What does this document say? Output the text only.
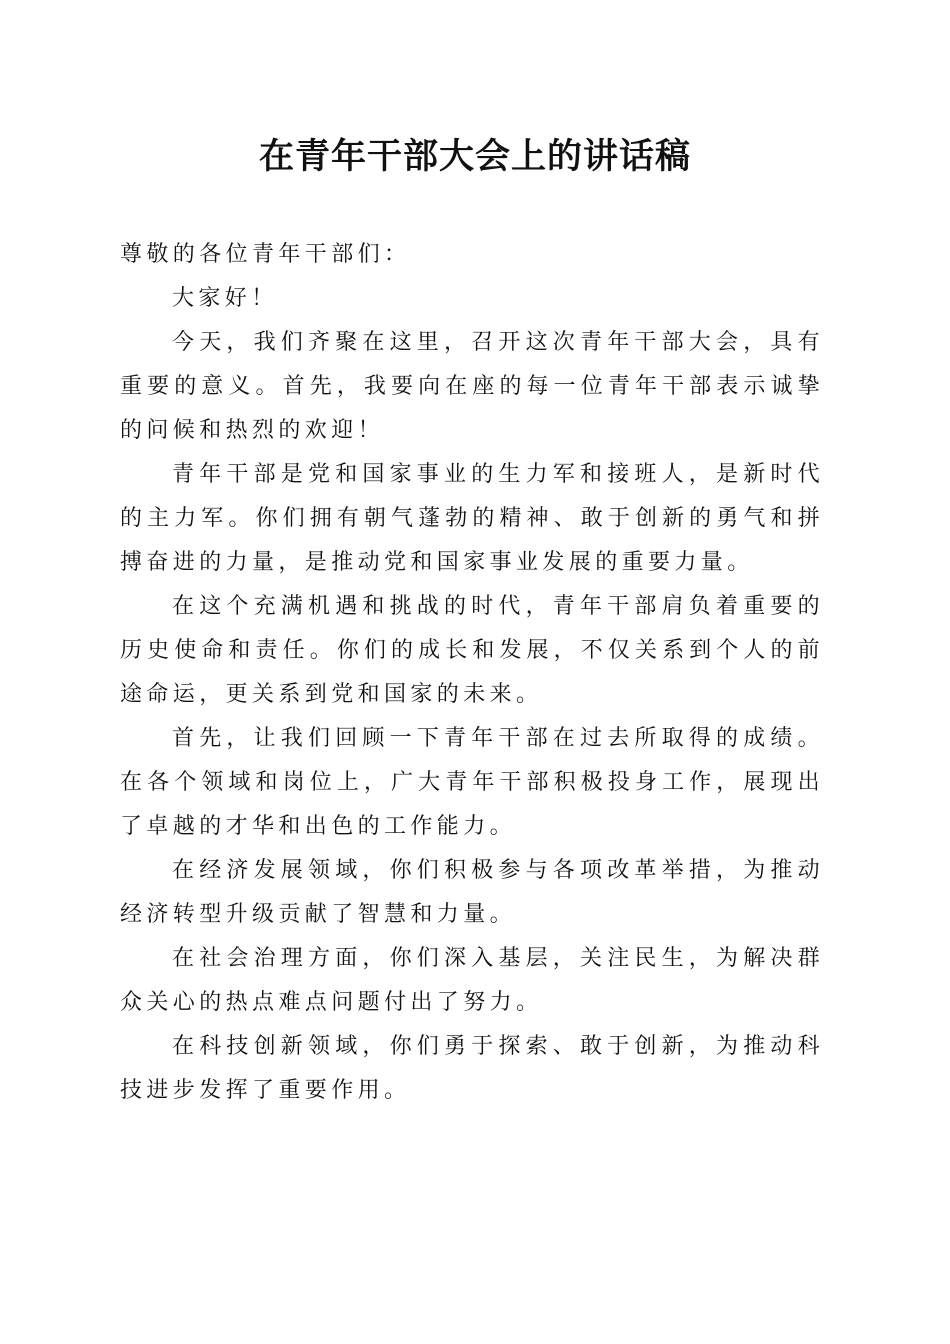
在青年干部大会上的讲话稿

尊敬的各位青年干部们：

大家好！

今天，我们齐聚在这里，召开这次青年干部大会，具有重要的意义。首先，我要向在座的每一位青年干部表示诚挚的问候和热烈的欢迎！

青年干部是党和国家事业的生力军和接班人，是新时代的主力军。你们拥有朝气蓬勃的精神、敢于创新的勇气和拼搏奋进的力量，是推动党和国家事业发展的重要力量。

在这个充满机遇和挑战的时代，青年干部肩负着重要的历史使命和责任。你们的成长和发展，不仅关系到个人的前途命运，更关系到党和国家的未来。

首先，让我们回顾一下青年干部在过去所取得的成绩。在各个领域和岗位上，广大青年干部积极投身工作，展现出了卓越的才华和出色的工作能力。

在经济发展领域，你们积极参与各项改革举措，为推动经济转型升级贡献了智慧和力量。

在社会治理方面，你们深入基层，关注民生，为解决群众关心的热点难点问题付出了努力。

在科技创新领域，你们勇于探索、敢于创新，为推动科技进步发挥了重要作用。
